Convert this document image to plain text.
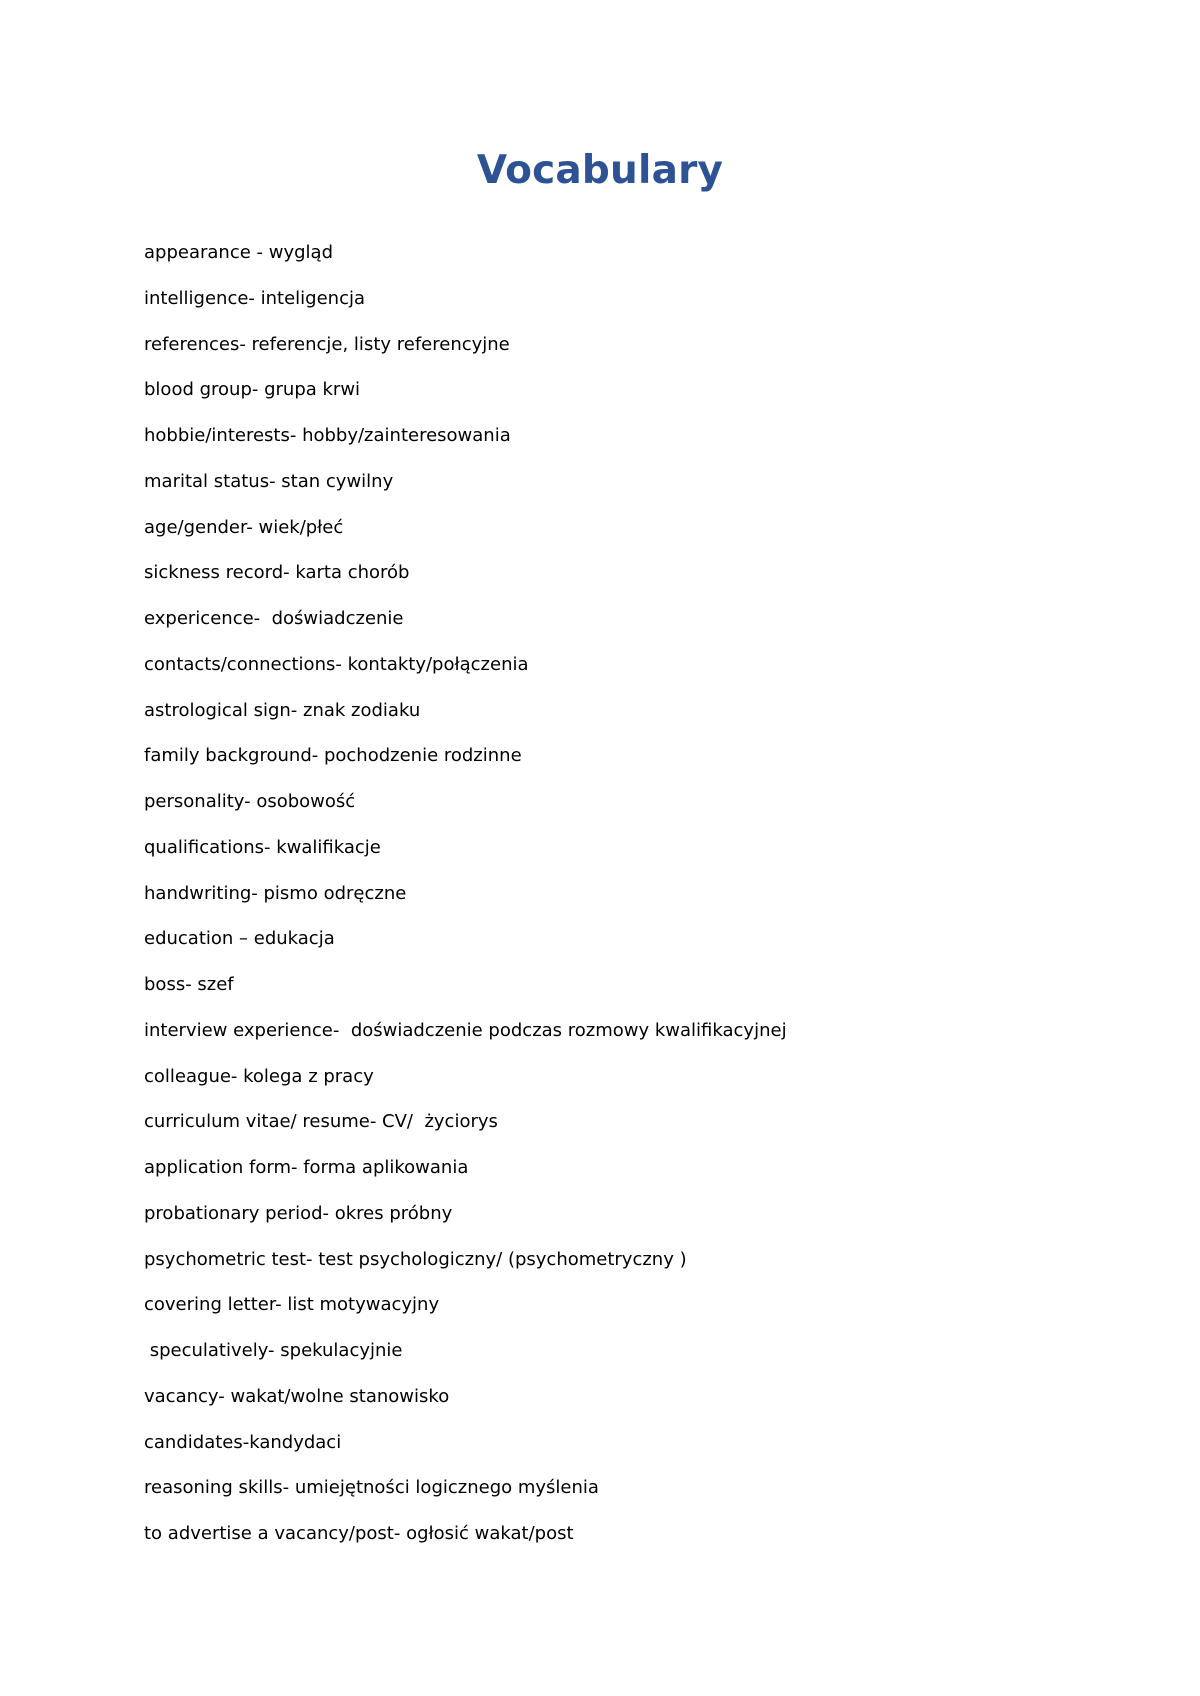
Vocabulary
appearance - wygląd
intelligence- inteligencja
references- referencje, listy referencyjne
blood group- grupa krwi
hobbie/interests- hobby/zainteresowania
marital status- stan cywilny
age/gender- wiek/płeć
sickness record- karta chorób
expericence-  doświadczenie
contacts/connections- kontakty/połączenia
astrological sign- znak zodiaku
family background- pochodzenie rodzinne
personality- osobowość
qualifications- kwalifikacje
handwriting- pismo odręczne
education – edukacja
boss- szef
interview experience-  doświadczenie podczas rozmowy kwalifikacyjnej
colleague- kolega z pracy
curriculum vitae/ resume- CV/  życiorys
application form- forma aplikowania
probationary period- okres próbny
psychometric test- test psychologiczny/ (psychometryczny )
covering letter- list motywacyjny
speculatively- spekulacyjnie
vacancy- wakat/wolne stanowisko
candidates-kandydaci
reasoning skills- umiejętności logicznego myślenia
to advertise a vacancy/post- ogłosić wakat/post
